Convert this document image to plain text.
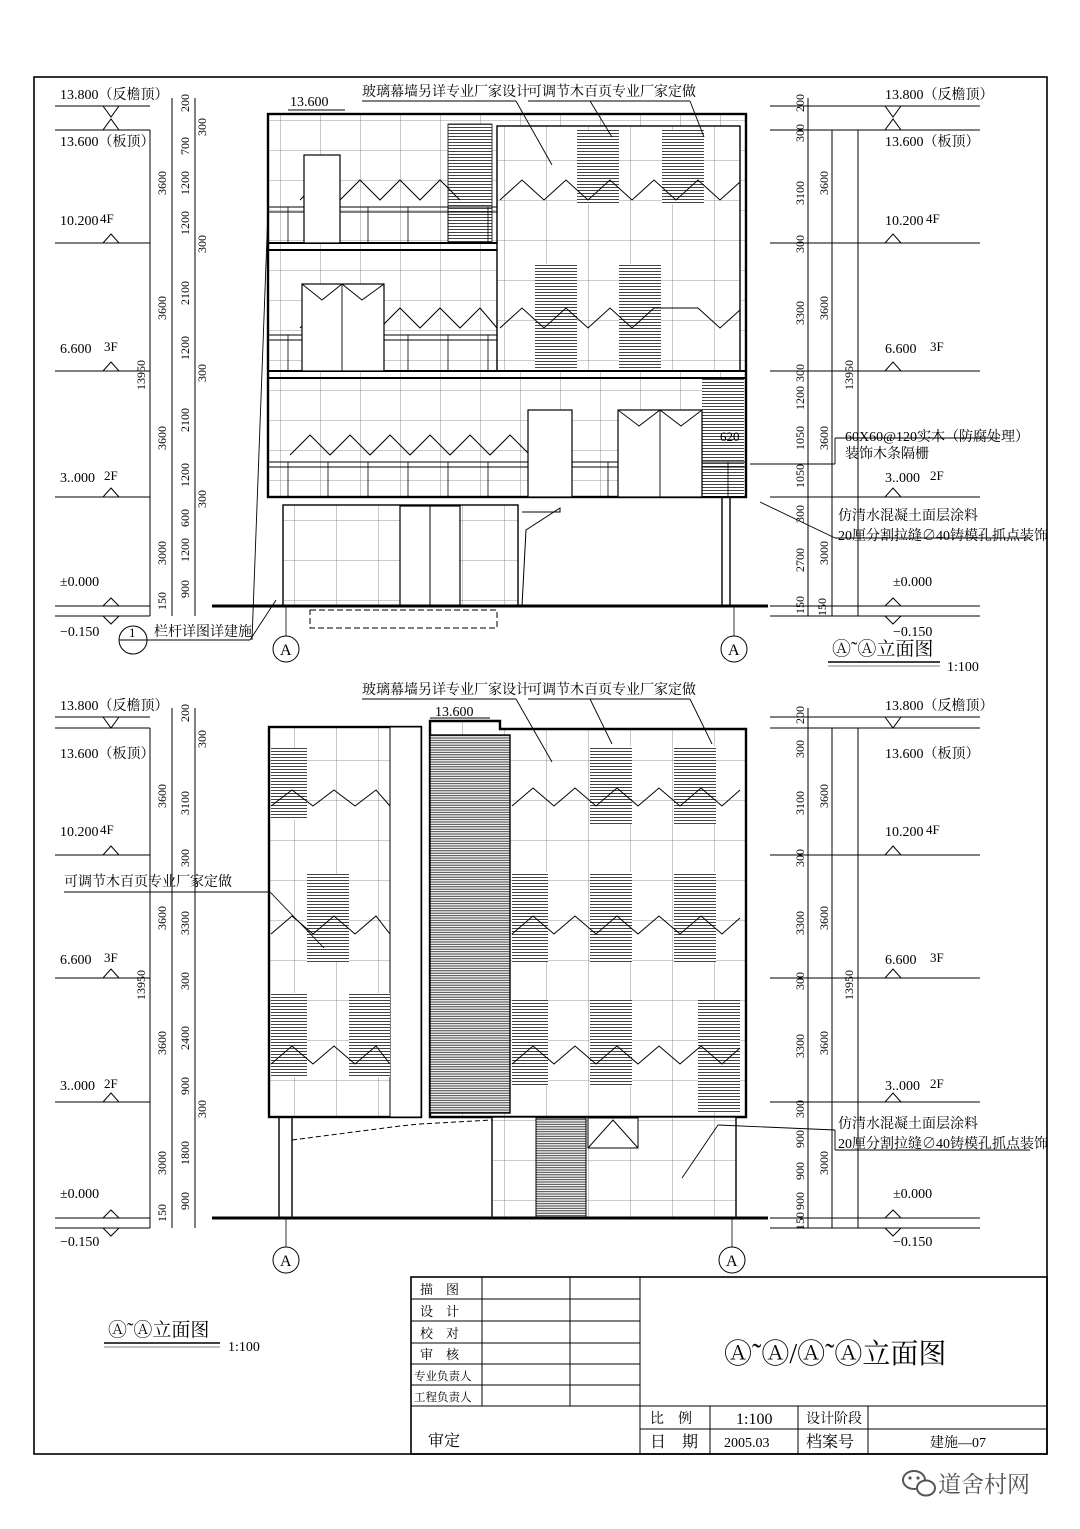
13.800（反檐顶）
13.600（板顶）
10.200 4F
6.600 3F
3..000 2F
±0.000
−0.150
200
300
700
1200
1200
300
2100
1200
300
2100
1200
300
600
1200
900
150
3600
3600
3600
3000
玻璃幕墙另详专业厂家设计
可调节木百页专业厂家定做
13.600
60X60@120实木（防腐处理）
装饰木条隔栅
仿清水混凝土面层涂料
20厘分割拉缝∅40铸模孔抓点装饰
620
1 栏杆详图详建施
A	A	Ⓐ˜Ⓐ立面图
1:100
13.800（反檐顶）
13.600（板顶）
10.200 4F
6.600 3F
3..000 2F
±0.000
−0.150
200
300
3100
300
3300
300
1200
1050
1050
300
2700
150
3600
3600
3600
3000
13950
13950
150
13.800（反檐顶）
13.600（板顶）
10.200 4F
6.600 3F
3..000 2F
±0.000
−0.150
200
300
3100
300
3300
300
2400
900
300
1800
900
150
3600
3600
3600
3000
13950
玻璃幕墙另详专业厂家设计
可调节木百页专业厂家定做
13.600
可调节木百页专业厂家定做
仿清水混凝土面层涂料
20厘分割拉缝∅40铸模孔抓点装饰
A	A
13.800（反檐顶）
13.600（板顶）
10.200 4F
6.600 3F
3..000 2F
±0.000
−0.150
200
300
3100
300
3300
300
3300
300
900
900
900
150
3600
3600
3600
3000
13950
Ⓐ˜Ⓐ立面图
1:100
描　图
设　计
校　对
审　核
专业负责人
工程负责人
审定
比　例	1:100 设计阶段
日　期 2005.03 档案号	建施—07
Ⓐ˜Ⓐ/Ⓐ˜Ⓐ立面图
道舍村网
